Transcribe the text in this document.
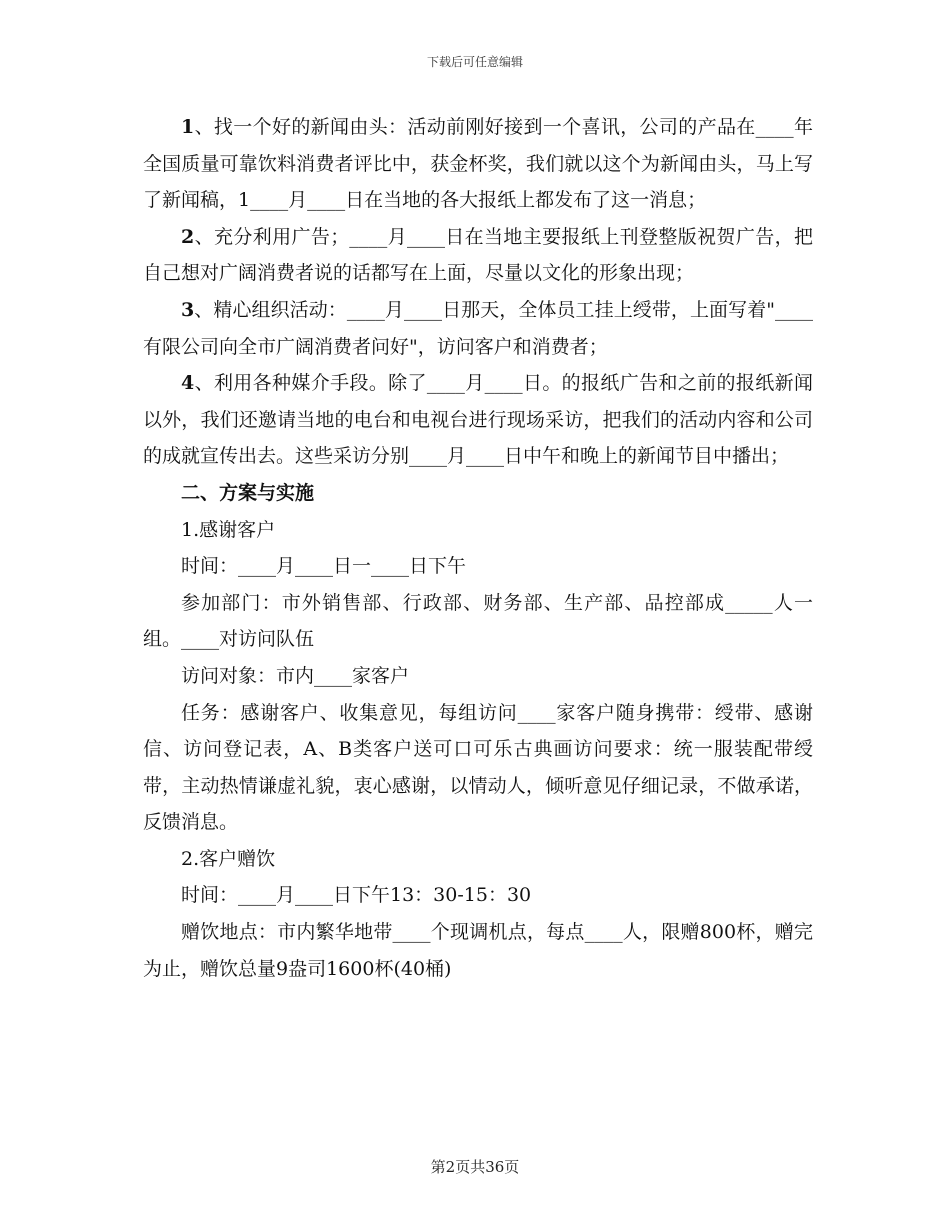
下载后可任意编辑

1、找一个好的新闻由头：活动前刚好接到一个喜讯，公司的产品在____年全国质量可靠饮料消费者评比中，获金杯奖，我们就以这个为新闻由头，马上写了新闻稿，1____月____日在当地的各大报纸上都发布了这一消息；

2、充分利用广告；____月____日在当地主要报纸上刊登整版祝贺广告，把自己想对广阔消费者说的话都写在上面，尽量以文化的形象出现；

3、精心组织活动：____月____日那天，全体员工挂上绶带，上面写着"____有限公司向全市广阔消费者问好"，访问客户和消费者；

4、利用各种媒介手段。除了____月____日。的报纸广告和之前的报纸新闻以外，我们还邀请当地的电台和电视台进行现场采访，把我们的活动内容和公司的成就宣传出去。这些采访分别____月____日中午和晚上的新闻节目中播出；

二、方案与实施

1.感谢客户

时间：____月____日一____日下午

参加部门：市外销售部、行政部、财务部、生产部、品控部成_____人一组。____对访问队伍

访问对象：市内____家客户

任务：感谢客户、收集意见，每组访问____家客户随身携带：绶带、感谢信、访问登记表，A、B类客户送可口可乐古典画访问要求：统一服装配带绶带，主动热情谦虚礼貌，衷心感谢，以情动人，倾听意见仔细记录，不做承诺，反馈消息。

2.客户赠饮

时间：____月____日下午13：30-15：30

赠饮地点：市内繁华地带____个现调机点，每点____人，限赠800杯，赠完为止，赠饮总量9盎司1600杯(40桶)

第2页共36页
